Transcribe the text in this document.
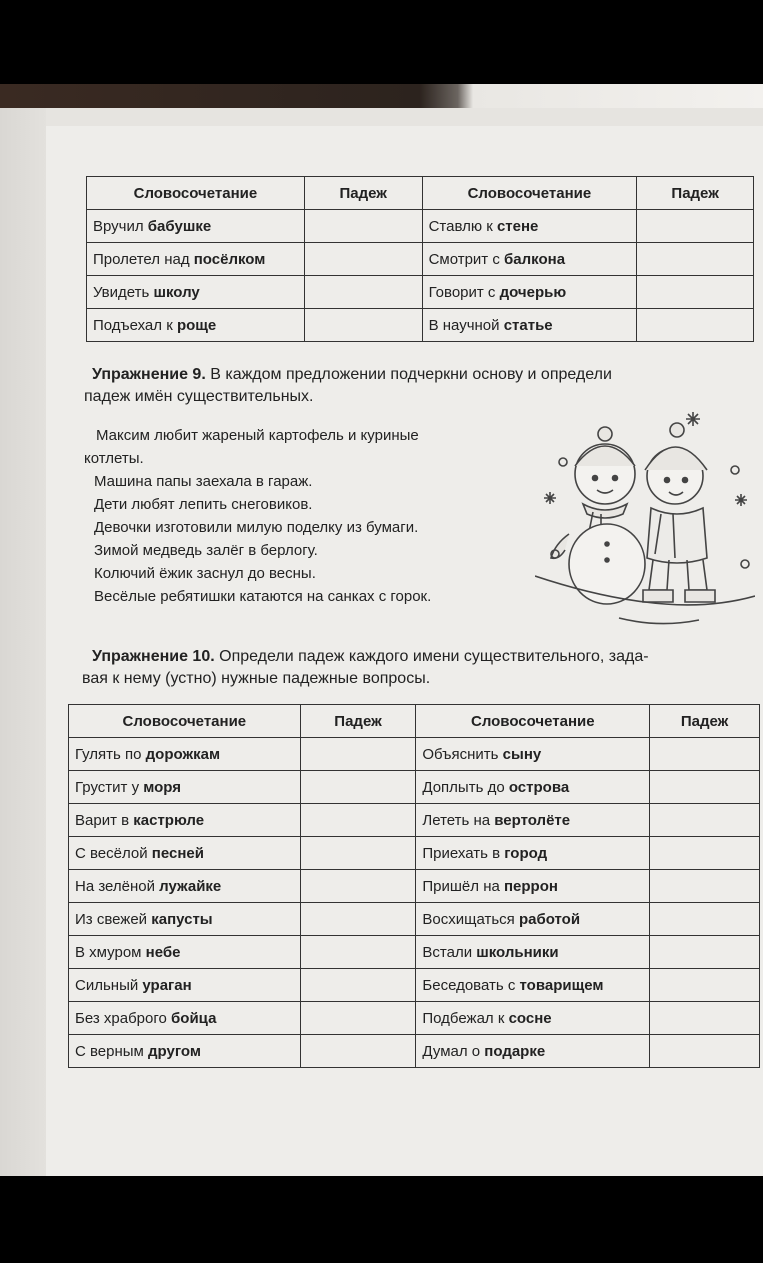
Словосочетание	Падеж	Словосочетание	Падеж
Вручил бабушке		Ставлю к стене	
Пролетел над посёлком		Смотрит с балкона	
Увидеть школу		Говорит с дочерью	
Подъехал к роще		В научной статье	
Упражнение 9. В каждом предложении подчеркни основу и определи
падеж имён существительных.
Максим любит жареный картофель и куриные
котлеты.
Машина папы заехала в гараж.
Дети любят лепить снеговиков.
Девочки изготовили милую поделку из бумаги.
Зимой медведь залёг в берлогу.
Колючий ёжик заснул до весны.
Весёлые ребятишки катаются на санках с горок.
Упражнение 10. Определи падеж каждого имени существительного, зада-
вая к нему (устно) нужные падежные вопросы.
Словосочетание	Падеж	Словосочетание	Падеж
Гулять по дорожкам		Объяснить сыну	
Грустит у моря		Доплыть до острова	
Варит в кастрюле		Лететь на вертолёте	
С весёлой песней		Приехать в город	
На зелёной лужайке		Пришёл на перрон	
Из свежей капусты		Восхищаться работой	
В хмуром небе		Встали школьники	
Сильный ураган		Беседовать с товарищем	
Без храброго бойца		Подбежал к сосне	
С верным другом		Думал о подарке	
